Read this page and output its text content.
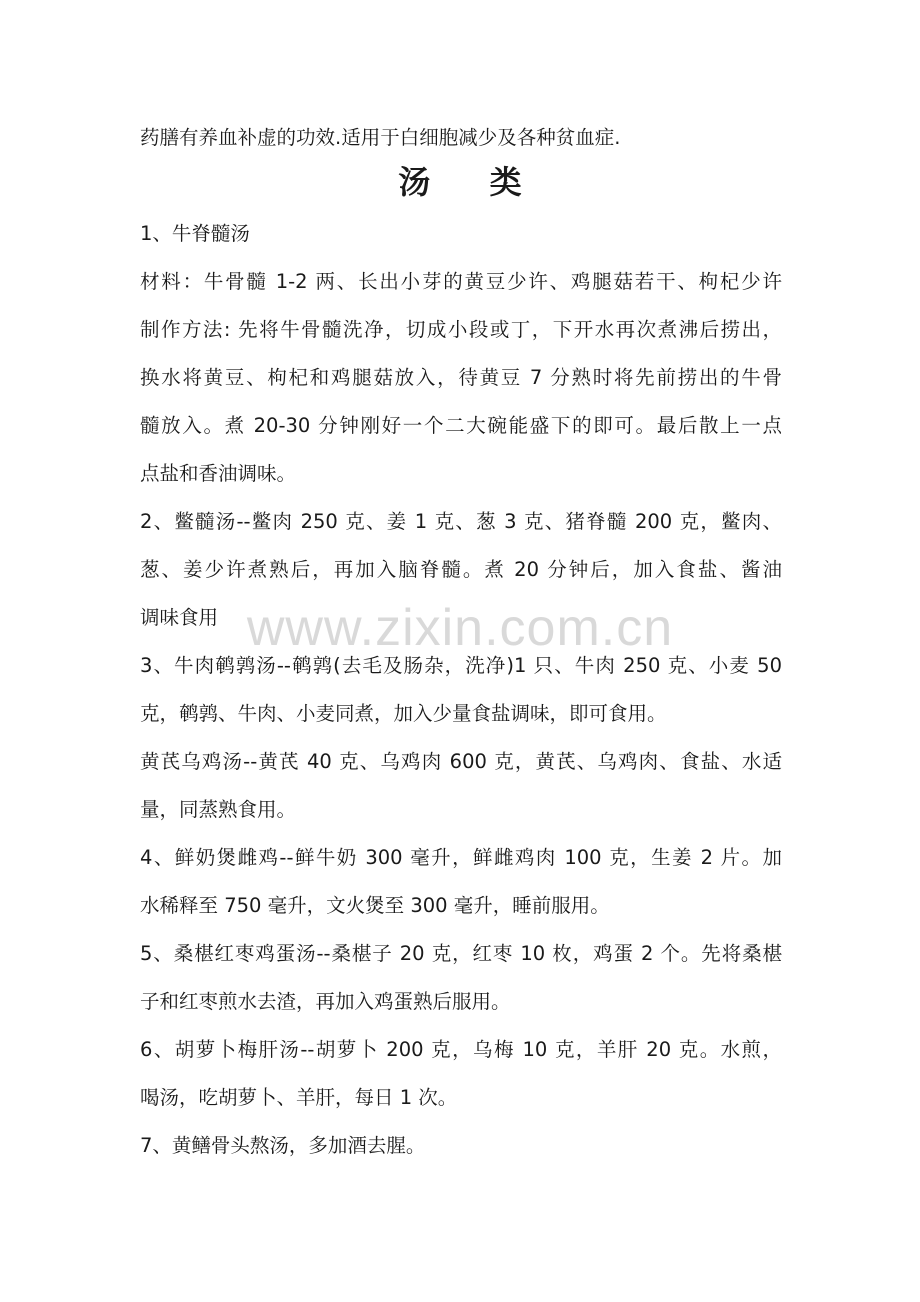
www.zixin.com.cn
药膳有养血补虚的功效.适用于白细胞减少及各种贫血症.
汤 类
1、牛脊髓汤
材料：牛骨髓 1-2 两、长出小芽的黄豆少许、鸡腿菇若干、枸杞少许
制作方法: 先将牛骨髓洗净，切成小段或丁，下开水再次煮沸后捞出，
换水将黄豆、枸杞和鸡腿菇放入，待黄豆 7 分熟时将先前捞出的牛骨
髓放入。煮 20-30 分钟刚好一个二大碗能盛下的即可。最后散上一点
点盐和香油调味。
2、鳖髓汤--鳖肉 250 克、姜 1 克、葱 3 克、猪脊髓 200 克，鳖肉、
葱、姜少许煮熟后，再加入脑脊髓。煮 20 分钟后，加入食盐、酱油
调味食用
3、牛肉鹌鹑汤--鹌鹑(去毛及肠杂，洗净)1 只、牛肉 250 克、小麦 50
克，鹌鹑、牛肉、小麦同煮，加入少量食盐调味，即可食用。
黄芪乌鸡汤--黄芪 40 克、乌鸡肉 600 克，黄芪、乌鸡肉、食盐、水适
量，同蒸熟食用。
4、鲜奶煲雌鸡--鲜牛奶 300 毫升，鲜雌鸡肉 100 克，生姜 2 片。加
水稀释至 750 毫升，文火煲至 300 毫升，睡前服用。
5、桑椹红枣鸡蛋汤--桑椹子 20 克，红枣 10 枚，鸡蛋 2 个。先将桑椹
子和红枣煎水去渣，再加入鸡蛋熟后服用。
6、胡萝卜梅肝汤--胡萝卜 200 克，乌梅 10 克，羊肝 20 克。水煎，
喝汤，吃胡萝卜、羊肝，每日 1 次。
7、黄鳝骨头熬汤，多加酒去腥。
